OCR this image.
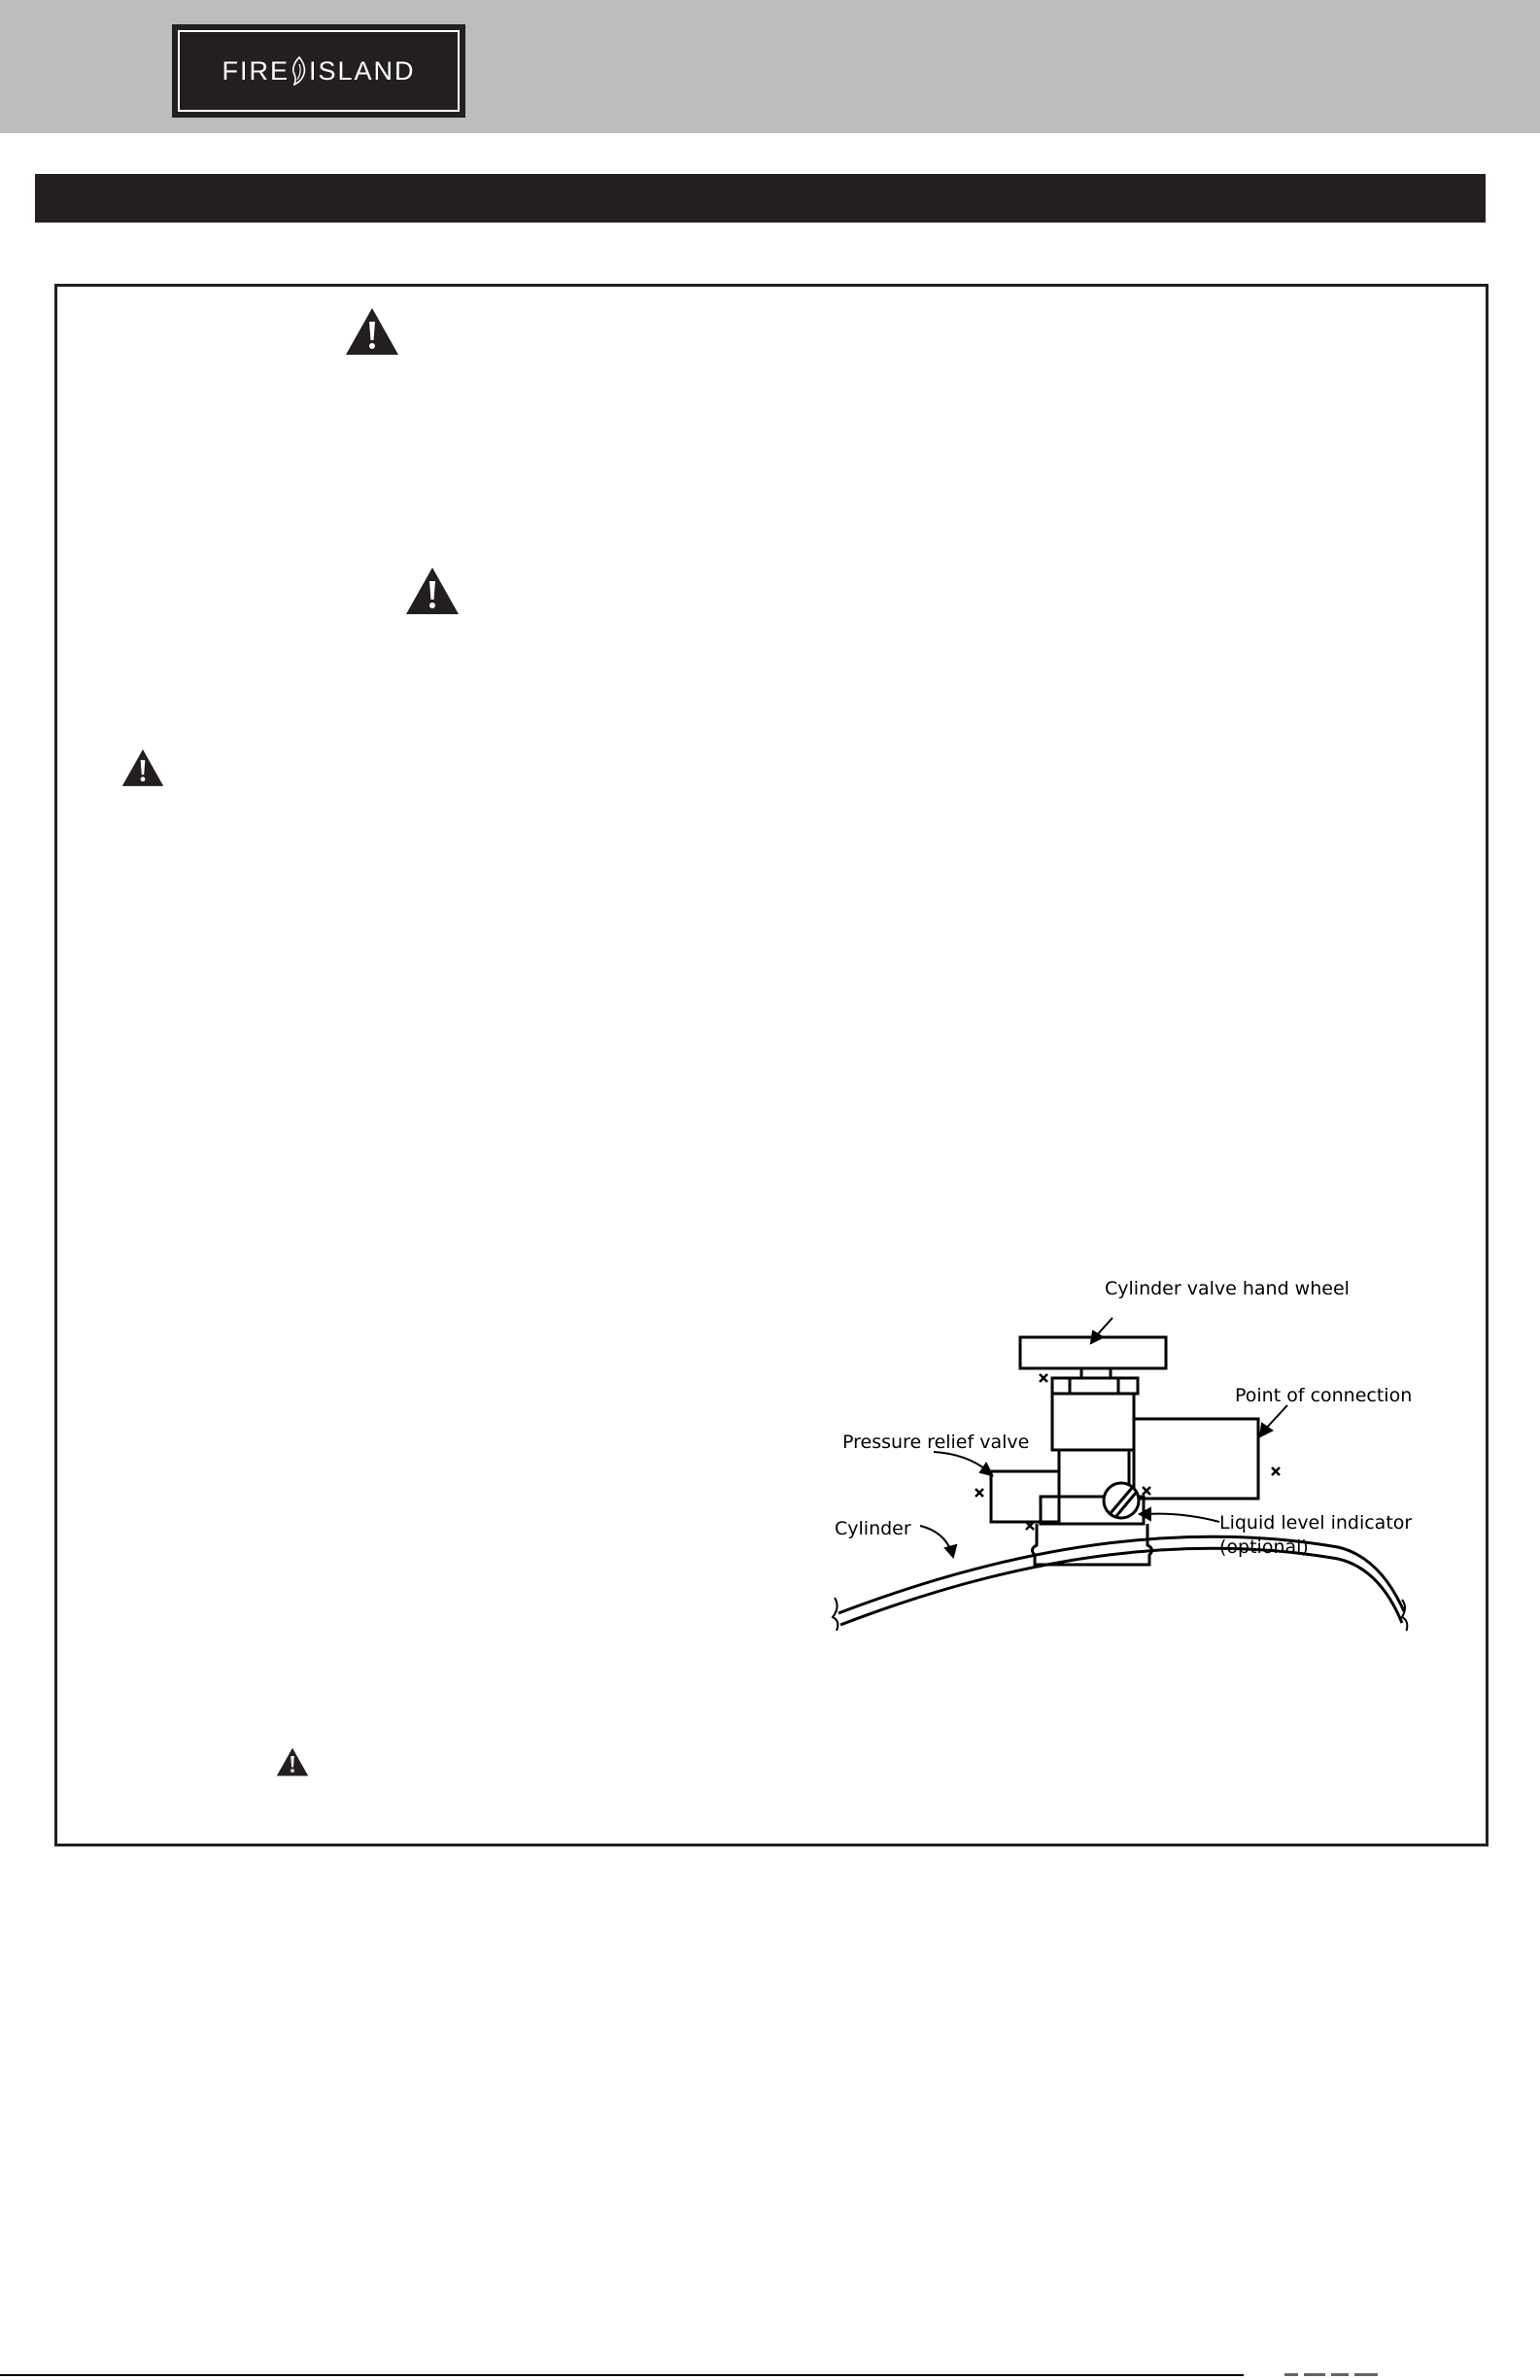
FIRE ISLAND
Cylinder valve hand wheel
Point of connection
Pressure relief valve
Liquid level indicator
(optional)
Cylinder
